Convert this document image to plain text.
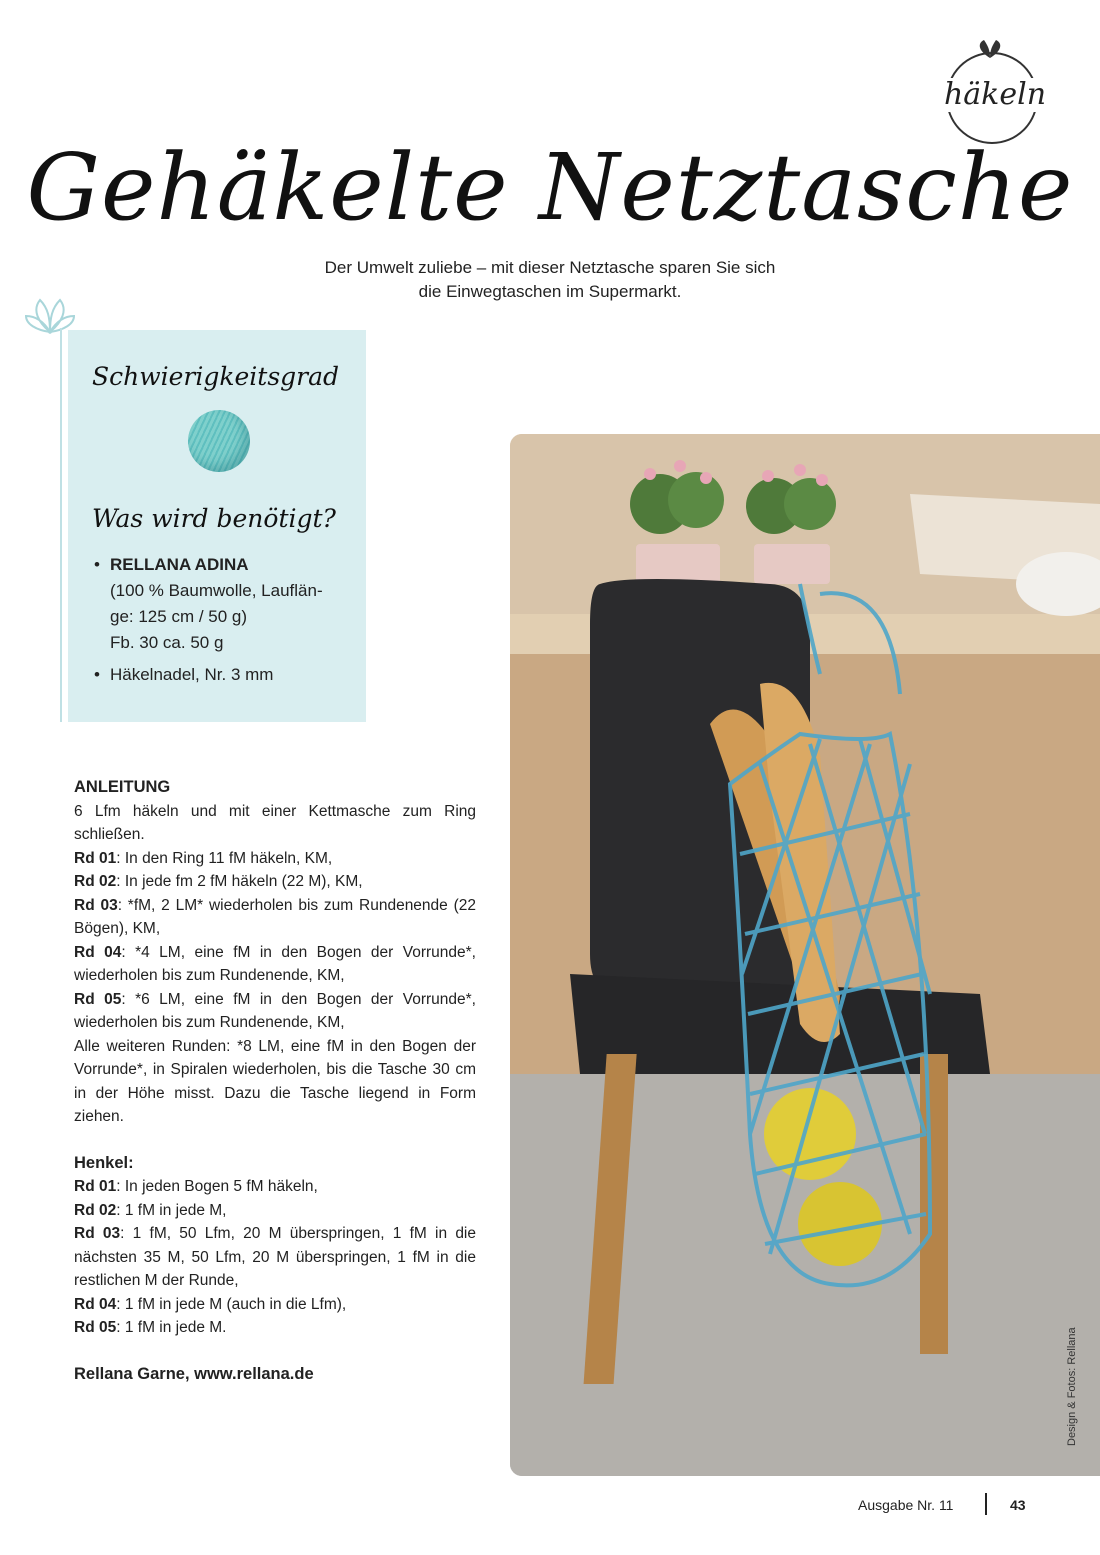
häkeln
Gehäkelte Netztasche
Der Umwelt zuliebe – mit dieser Netztasche sparen Sie sich
die Einwegtaschen im Supermarkt.
Schwierigkeitsgrad
Was wird benötigt?
• RELLANA ADINA
(100 % Baumwolle, Lauflän-
ge: 125 cm / 50 g)
Fb. 30 ca. 50 g
• Häkelnadel, Nr. 3 mm

ANLEITUNG

6 Lfm häkeln und mit einer Kettmasche zum Ring schließen.

Rd 01: In den Ring 11 fM häkeln, KM,

Rd 02: In jede fm 2 fM häkeln (22 M), KM,

Rd 03: *fM, 2 LM* wiederholen bis zum Rundenende (22 Bögen), KM,

Rd 04: *4 LM, eine fM in den Bogen der Vorrunde*, wiederholen bis zum Rundenende, KM,

Rd 05: *6 LM, eine fM in den Bogen der Vorrunde*, wiederholen bis zum Rundenende, KM,

Alle weiteren Runden: *8 LM, eine fM in den Bogen der Vorrunde*, in Spiralen wiederholen, bis die Tasche 30 cm in der Höhe misst. Dazu die Tasche liegend in Form ziehen.

Henkel:

Rd 01: In jeden Bogen 5 fM häkeln,

Rd 02: 1 fM in jede M,

Rd 03: 1 fM, 50 Lfm, 20 M überspringen, 1 fM in die nächsten 35 M, 50 Lfm, 20 M überspringen, 1 fM in die restlichen M der Runde,

Rd 04: 1 fM in jede M (auch in die Lfm),

Rd 05: 1 fM in jede M.

Rellana Garne, www.rellana.de	Design & Fotos: Rellana
Ausgabe Nr. 11	43
